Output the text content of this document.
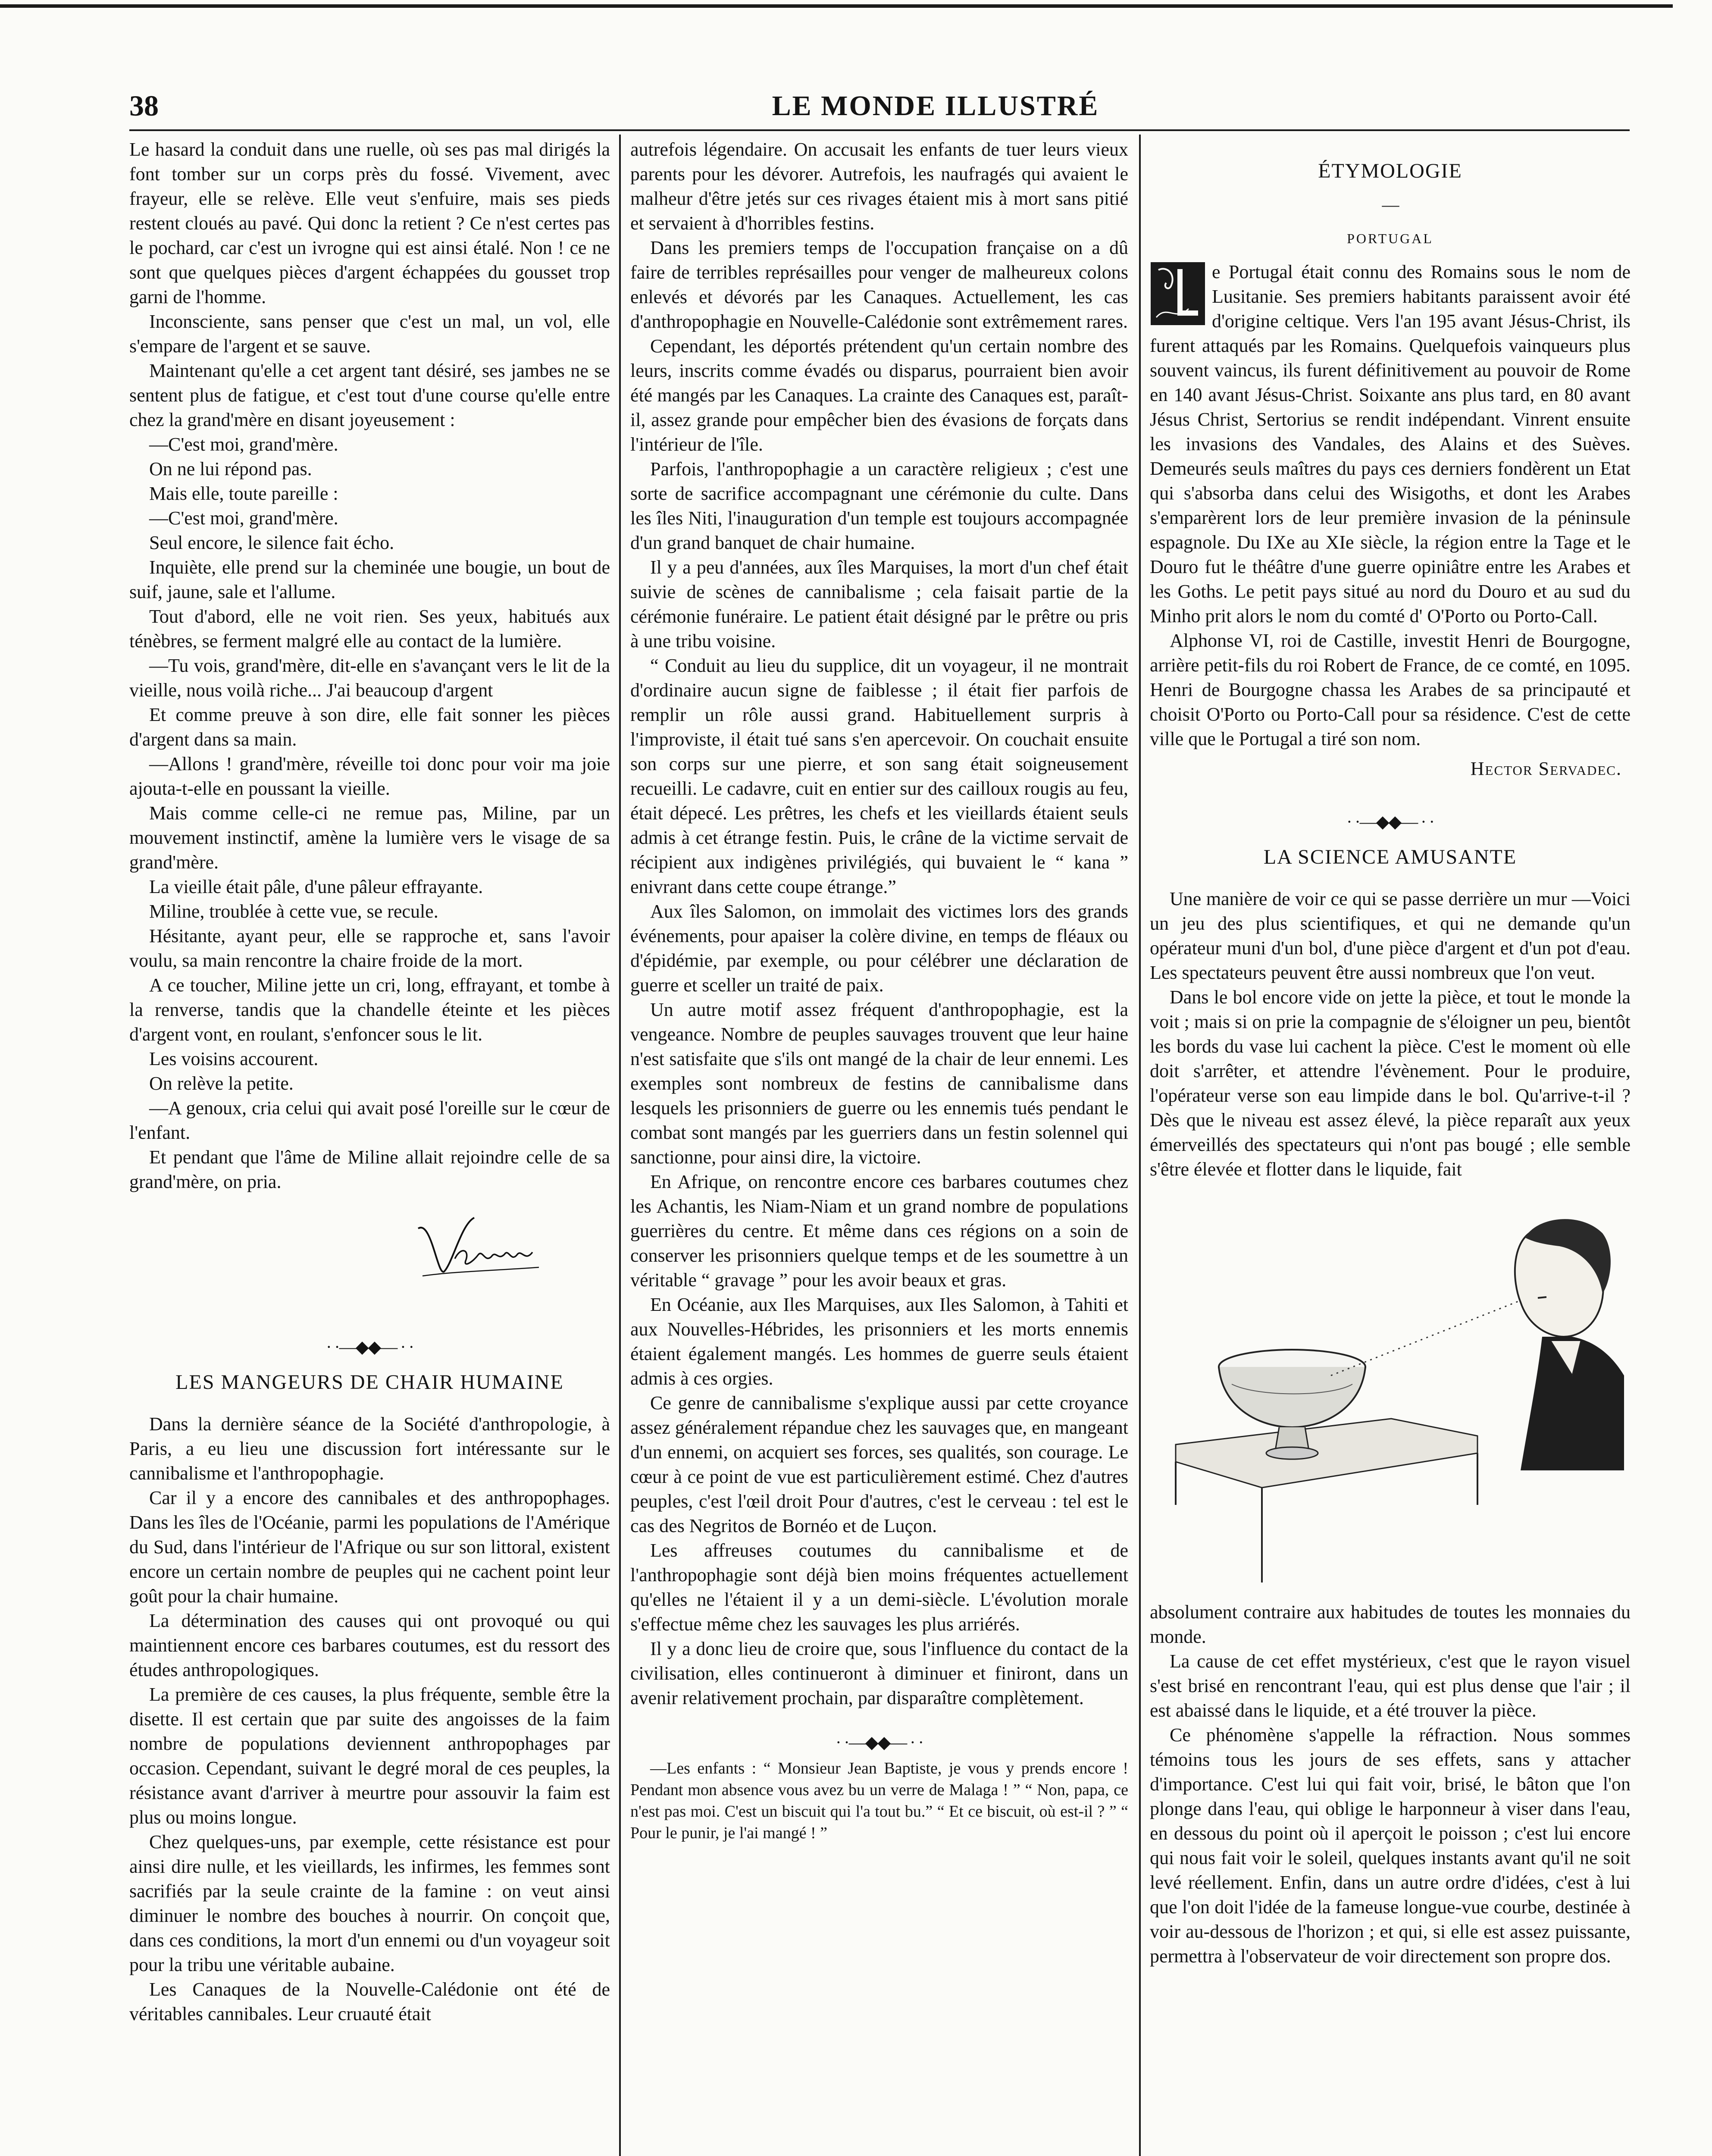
38	LE MONDE ILLUSTRÉ

Le hasard la conduit dans une ruelle, où ses pas mal dirigés la font tomber sur un corps près du fossé. Vivement, avec frayeur, elle se relève. Elle veut s'enfuire, mais ses pieds restent cloués au pavé. Qui donc la retient ? Ce n'est certes pas le pochard, car c'est un ivrogne qui est ainsi étalé. Non ! ce ne sont que quelques pièces d'argent échappées du gousset trop garni de l'homme.

Inconsciente, sans penser que c'est un mal, un vol, elle s'empare de l'argent et se sauve.

Maintenant qu'elle a cet argent tant désiré, ses jambes ne se sentent plus de fatigue, et c'est tout d'une course qu'elle entre chez la grand'mère en disant joyeusement :

—C'est moi, grand'mère.

On ne lui répond pas.

Mais elle, toute pareille :

—C'est moi, grand'mère.

Seul encore, le silence fait écho.

Inquiète, elle prend sur la cheminée une bougie, un bout de suif, jaune, sale et l'allume.

Tout d'abord, elle ne voit rien. Ses yeux, habitués aux ténèbres, se ferment malgré elle au contact de la lumière.

—Tu vois, grand'mère, dit-elle en s'avançant vers le lit de la vieille, nous voilà riche... J'ai beaucoup d'argent

Et comme preuve à son dire, elle fait sonner les pièces d'argent dans sa main.

—Allons ! grand'mère, réveille toi donc pour voir ma joie ajouta-t-elle en poussant la vieille.

Mais comme celle-ci ne remue pas, Miline, par un mouvement instinctif, amène la lumière vers le visage de sa grand'mère.

La vieille était pâle, d'une pâleur effrayante.

Miline, troublée à cette vue, se recule.

Hésitante, ayant peur, elle se rapproche et, sans l'avoir voulu, sa main rencontre la chaire froide de la mort.

A ce toucher, Miline jette un cri, long, effrayant, et tombe à la renverse, tandis que la chandelle éteinte et les pièces d'argent vont, en roulant, s'enfoncer sous le lit.

Les voisins accourent.

On relève la petite.

—A genoux, cria celui qui avait posé l'oreille sur le cœur de l'enfant.

Et pendant que l'âme de Miline allait rejoindre celle de sa grand'mère, on pria.

· ·—◆◆— · ·
LES MANGEURS DE CHAIR HUMAINE

Dans la dernière séance de la Société d'anthropologie, à Paris, a eu lieu une discussion fort intéressante sur le cannibalisme et l'anthropophagie.

Car il y a encore des cannibales et des anthropophages. Dans les îles de l'Océanie, parmi les populations de l'Amérique du Sud, dans l'intérieur de l'Afrique ou sur son littoral, existent encore un certain nombre de peuples qui ne cachent point leur goût pour la chair humaine.

La détermination des causes qui ont provoqué ou qui maintiennent encore ces barbares coutumes, est du ressort des études anthropologiques.

La première de ces causes, la plus fréquente, semble être la disette. Il est certain que par suite des angoisses de la faim nombre de populations deviennent anthropophages par occasion. Cependant, suivant le degré moral de ces peuples, la résistance avant d'arriver à meurtre pour assouvir la faim est plus ou moins longue.

Chez quelques-uns, par exemple, cette résistance est pour ainsi dire nulle, et les vieillards, les infirmes, les femmes sont sacrifiés par la seule crainte de la famine : on veut ainsi diminuer le nombre des bouches à nourrir. On conçoit que, dans ces conditions, la mort d'un ennemi ou d'un voyageur soit pour la tribu une véritable aubaine.

Les Canaques de la Nouvelle-Calédonie ont été de véritables cannibales. Leur cruauté était

autrefois légendaire. On accusait les enfants de tuer leurs vieux parents pour les dévorer. Autrefois, les naufragés qui avaient le malheur d'être jetés sur ces rivages étaient mis à mort sans pitié et servaient à d'horribles festins.

Dans les premiers temps de l'occupation française on a dû faire de terribles représailles pour venger de malheureux colons enlevés et dévorés par les Canaques. Actuellement, les cas d'anthropophagie en Nouvelle-Calédonie sont extrêmement rares.

Cependant, les déportés prétendent qu'un certain nombre des leurs, inscrits comme évadés ou disparus, pourraient bien avoir été mangés par les Canaques. La crainte des Canaques est, paraît-il, assez grande pour empêcher bien des évasions de forçats dans l'intérieur de l'île.

Parfois, l'anthropophagie a un caractère religieux ; c'est une sorte de sacrifice accompagnant une cérémonie du culte. Dans les îles Niti, l'inauguration d'un temple est toujours accompagnée d'un grand banquet de chair humaine.

Il y a peu d'années, aux îles Marquises, la mort d'un chef était suivie de scènes de cannibalisme ; cela faisait partie de la cérémonie funéraire. Le patient était désigné par le prêtre ou pris à une tribu voisine.

“ Conduit au lieu du supplice, dit un voyageur, il ne montrait d'ordinaire aucun signe de faiblesse ; il était fier parfois de remplir un rôle aussi grand. Habituellement surpris à l'improviste, il était tué sans s'en apercevoir. On couchait ensuite son corps sur une pierre, et son sang était soigneusement recueilli. Le cadavre, cuit en entier sur des cailloux rougis au feu, était dépecé. Les prêtres, les chefs et les vieillards étaient seuls admis à cet étrange festin. Puis, le crâne de la victime servait de récipient aux indigènes privilégiés, qui buvaient le “ kana ” enivrant dans cette coupe étrange.”

Aux îles Salomon, on immolait des victimes lors des grands événements, pour apaiser la colère divine, en temps de fléaux ou d'épidémie, par exemple, ou pour célébrer une déclaration de guerre et sceller un traité de paix.

Un autre motif assez fréquent d'anthropophagie, est la vengeance. Nombre de peuples sauvages trouvent que leur haine n'est satisfaite que s'ils ont mangé de la chair de leur ennemi. Les exemples sont nombreux de festins de cannibalisme dans lesquels les prisonniers de guerre ou les ennemis tués pendant le combat sont mangés par les guerriers dans un festin solennel qui sanctionne, pour ainsi dire, la victoire.

En Afrique, on rencontre encore ces barbares coutumes chez les Achantis, les Niam-Niam et un grand nombre de populations guerrières du centre. Et même dans ces régions on a soin de conserver les prisonniers quelque temps et de les soumettre à un véritable “ gravage ” pour les avoir beaux et gras.

En Océanie, aux Iles Marquises, aux Iles Salomon, à Tahiti et aux Nouvelles-Hébrides, les prisonniers et les morts ennemis étaient également mangés. Les hommes de guerre seuls étaient admis à ces orgies.

Ce genre de cannibalisme s'explique aussi par cette croyance assez généralement répandue chez les sauvages que, en mangeant d'un ennemi, on acquiert ses forces, ses qualités, son courage. Le cœur à ce point de vue est particulièrement estimé. Chez d'autres peuples, c'est l'œil droit Pour d'autres, c'est le cerveau : tel est le cas des Negritos de Bornéo et de Luçon.

Les affreuses coutumes du cannibalisme et de l'anthropophagie sont déjà bien moins fréquentes actuellement qu'elles ne l'étaient il y a un demi-siècle. L'évolution morale s'effectue même chez les sauvages les plus arriérés.

Il y a donc lieu de croire que, sous l'influence du contact de la civilisation, elles continueront à diminuer et finiront, dans un avenir relativement prochain, par disparaître complètement.

· ·—◆◆— · ·

—Les enfants : “ Monsieur Jean Baptiste, je vous y prends encore ! Pendant mon absence vous avez bu un verre de Malaga ! ” “ Non, papa, ce n'est pas moi. C'est un biscuit qui l'a tout bu.” “ Et ce biscuit, où est-il ? ” “ Pour le punir, je l'ai mangé ! ”

ÉTYMOLOGIE
—
PORTUGAL

e Portugal était connu des Romains sous le nom de Lusitanie. Ses premiers habitants paraissent avoir été d'origine celtique. Vers l'an 195 avant Jésus-Christ, ils furent attaqués par les Romains. Quelquefois vainqueurs plus souvent vaincus, ils furent définitivement au pouvoir de Rome en 140 avant Jésus-Christ. Soixante ans plus tard, en 80 avant Jésus Christ, Sertorius se rendit indépendant. Vinrent ensuite les invasions des Vandales, des Alains et des Suèves. Demeurés seuls maîtres du pays ces derniers fondèrent un Etat qui s'absorba dans celui des Wisigoths, et dont les Arabes s'emparèrent lors de leur première invasion de la péninsule espagnole. Du IXe au XIe siècle, la région entre la Tage et le Douro fut le théâtre d'une guerre opiniâtre entre les Arabes et les Goths. Le petit pays situé au nord du Douro et au sud du Minho prit alors le nom du comté d' O'Porto ou Porto-Call.

Alphonse VI, roi de Castille, investit Henri de Bourgogne, arrière petit-fils du roi Robert de France, de ce comté, en 1095. Henri de Bourgogne chassa les Arabes de sa principauté et choisit O'Porto ou Porto-Call pour sa résidence. C'est de cette ville que le Portugal a tiré son nom.

Hector Servadec.
· ·—◆◆— · ·
LA SCIENCE AMUSANTE

Une manière de voir ce qui se passe derrière un mur —Voici un jeu des plus scientifiques, et qui ne demande qu'un opérateur muni d'un bol, d'une pièce d'argent et d'un pot d'eau. Les spectateurs peuvent être aussi nombreux que l'on veut.

Dans le bol encore vide on jette la pièce, et tout le monde la voit ; mais si on prie la compagnie de s'éloigner un peu, bientôt les bords du vase lui cachent la pièce. C'est le moment où elle doit s'arrêter, et attendre l'évènement. Pour le produire, l'opérateur verse son eau limpide dans le bol. Qu'arrive-t-il ? Dès que le niveau est assez élevé, la pièce reparaît aux yeux émerveillés des spectateurs qui n'ont pas bougé ; elle semble s'être élevée et flotter dans le liquide, fait

absolument contraire aux habitudes de toutes les monnaies du monde.

La cause de cet effet mystérieux, c'est que le rayon visuel s'est brisé en rencontrant l'eau, qui est plus dense que l'air ; il est abaissé dans le liquide, et a été trouver la pièce.

Ce phénomène s'appelle la réfraction. Nous sommes témoins tous les jours de ses effets, sans y attacher d'importance. C'est lui qui fait voir, brisé, le bâton que l'on plonge dans l'eau, qui oblige le harponneur à viser dans l'eau, en dessous du point où il aperçoit le poisson ; c'est lui encore qui nous fait voir le soleil, quelques instants avant qu'il ne soit levé réellement. Enfin, dans un autre ordre d'idées, c'est à lui que l'on doit l'idée de la fameuse longue-vue courbe, destinée à voir au-dessous de l'horizon ; et qui, si elle est assez puissante, permettra à l'observateur de voir directement son propre dos.
